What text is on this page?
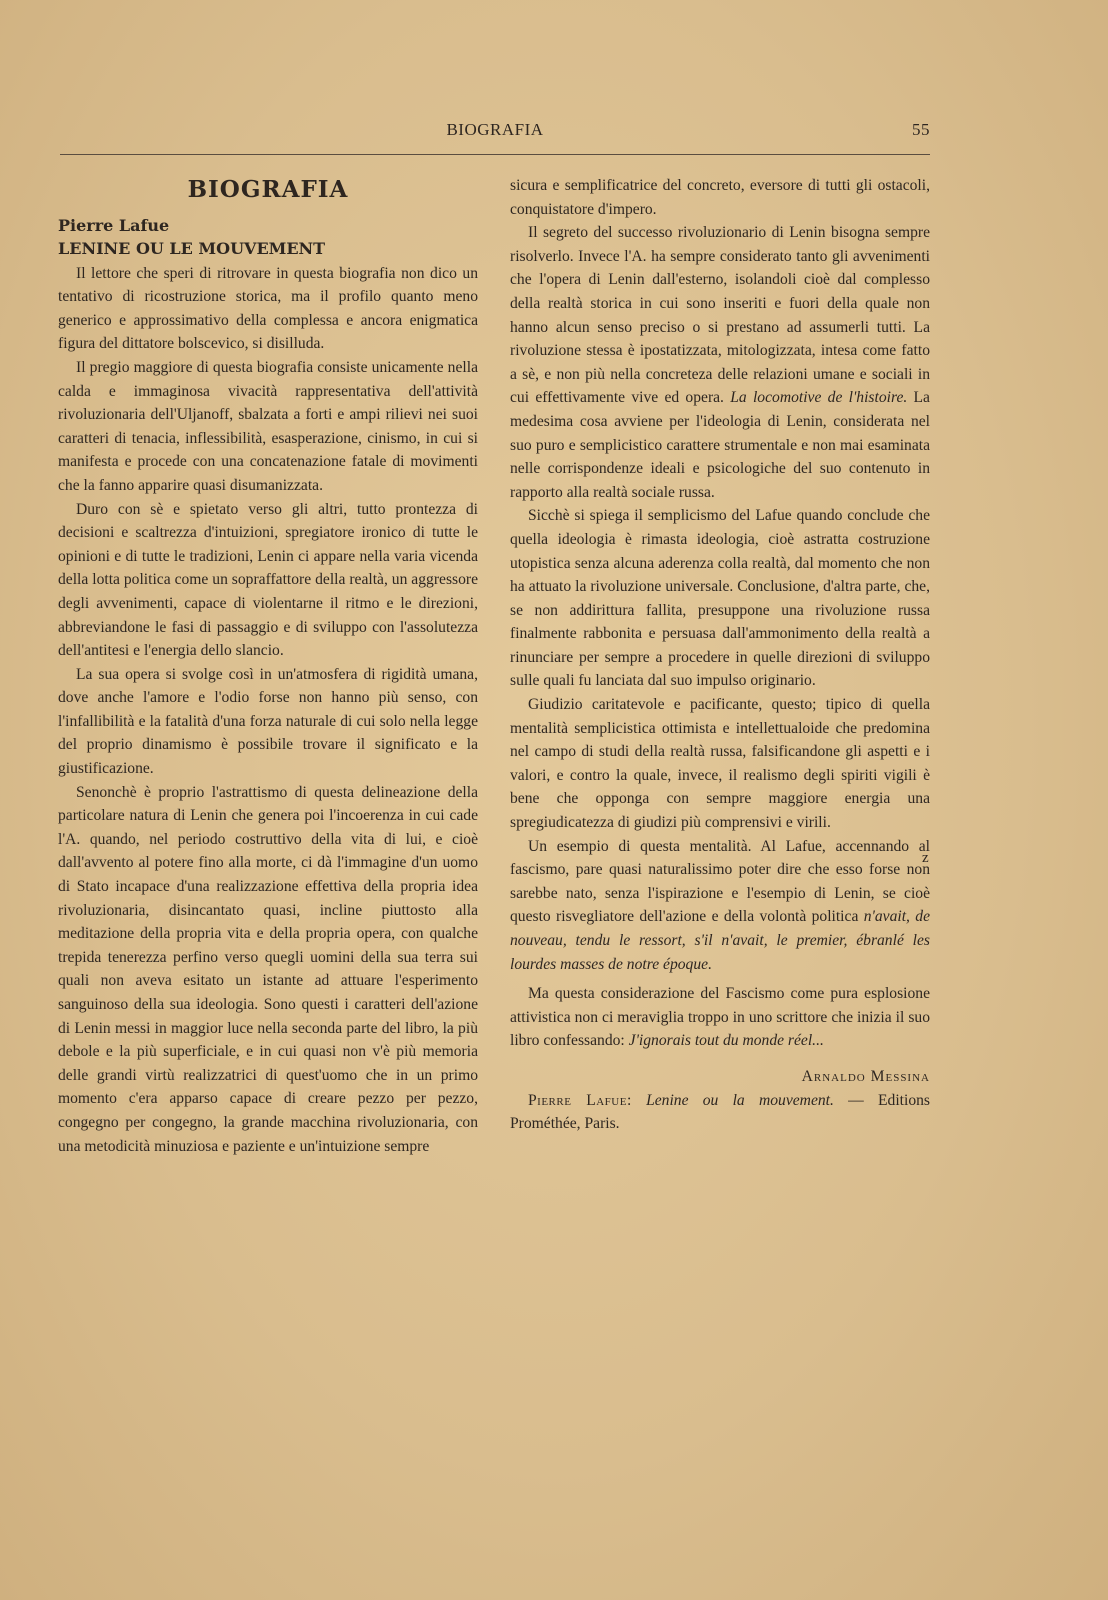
BIOGRAFIA	55
BIOGRAFIA
Pierre Lafue
LENINE OU LE MOUVEMENT

Il lettore che speri di ritrovare in questa biografia non dico un tentativo di ricostruzione storica, ma il profilo quanto meno generico e approssimativo della complessa e ancora enigmatica figura del dittatore bolscevico, si disilluda.

Il pregio maggiore di questa biografia consiste unicamente nella calda e immaginosa vivacità rappresentativa dell'attività rivoluzionaria dell'Uljanoff, sbalzata a forti e ampi rilievi nei suoi caratteri di tenacia, inflessibilità, esasperazione, cinismo, in cui si manifesta e procede con una concatenazione fatale di movimenti che la fanno apparire quasi disumanizzata.

Duro con sè e spietato verso gli altri, tutto prontezza di decisioni e scaltrezza d'intuizioni, spregiatore ironico di tutte le opinioni e di tutte le tradizioni, Lenin ci appare nella varia vicenda della lotta politica come un sopraffattore della realtà, un aggressore degli avvenimenti, capace di violentarne il ritmo e le direzioni, abbreviandone le fasi di passaggio e di sviluppo con l'assolutezza dell'antitesi e l'energia dello slancio.

La sua opera si svolge così in un'atmosfera di rigidità umana, dove anche l'amore e l'odio forse non hanno più senso, con l'infallibilità e la fatalità d'una forza naturale di cui solo nella legge del proprio dinamismo è possibile trovare il significato e la giustificazione.

Senonchè è proprio l'astrattismo di questa delineazione della particolare natura di Lenin che genera poi l'incoerenza in cui cade l'A. quando, nel periodo costruttivo della vita di lui, e cioè dall'avvento al potere fino alla morte, ci dà l'immagine d'un uomo di Stato incapace d'una realizzazione effettiva della propria idea rivoluzionaria, disincantato quasi, incline piuttosto alla meditazione della propria vita e della propria opera, con qualche trepida tenerezza perfino verso quegli uomini della sua terra sui quali non aveva esitato un istante ad attuare l'esperimento sanguinoso della sua ideologia. Sono questi i caratteri dell'azione di Lenin messi in maggior luce nella seconda parte del libro, la più debole e la più superficiale, e in cui quasi non v'è più memoria delle grandi virtù realizzatrici di quest'uomo che in un primo momento c'era apparso capace di creare pezzo per pezzo, congegno per congegno, la grande macchina rivoluzionaria, con una metodicità minuziosa e paziente e un'intuizione sempre

sicura e semplificatrice del concreto, eversore di tutti gli ostacoli, conquistatore d'impero.

Il segreto del successo rivoluzionario di Lenin bisogna sempre risolverlo. Invece l'A. ha sempre considerato tanto gli avvenimenti che l'opera di Lenin dall'esterno, isolandoli cioè dal complesso della realtà storica in cui sono inseriti e fuori della quale non hanno alcun senso preciso o si prestano ad assumerli tutti. La rivoluzione stessa è ipostatizzata, mitologizzata, intesa come fatto a sè, e non più nella concreteza delle relazioni umane e sociali in cui effettivamente vive ed opera. La locomotive de l'histoire. La medesima cosa avviene per l'ideologia di Lenin, considerata nel suo puro e semplicistico carattere strumentale e non mai esaminata nelle corrispondenze ideali e psicologiche del suo contenuto in rapporto alla realtà sociale russa.

Sicchè si spiega il semplicismo del Lafue quando conclude che quella ideologia è rimasta ideologia, cioè astratta costruzione utopistica senza alcuna aderenza colla realtà, dal momento che non ha attuato la rivoluzione universale. Conclusione, d'altra parte, che, se non addirittura fallita, presuppone una rivoluzione russa finalmente rabbonita e persuasa dall'ammonimento della realtà a rinunciare per sempre a procedere in quelle direzioni di sviluppo sulle quali fu lanciata dal suo impulso originario.

Giudizio caritatevole e pacificante, questo; tipico di quella mentalità semplicistica ottimista e intellettualoide che predomina nel campo di studi della realtà russa, falsificandone gli aspetti e i valori, e contro la quale, invece, il realismo degli spiriti vigili è bene che opponga con sempre maggiore energia una spregiudicatezza di giudizi più comprensivi e virili.

Un esempio di questa mentalità. Al Lafue, accennando al fascismo, pare quasi naturalissimo poter dire che esso forse non sarebbe nato, senza l'ispirazione e l'esempio di Lenin, se cioè questo risvegliatore dell'azione e della volontà politica n'avait, de nouveau, tendu le ressort, s'il n'avait, le premier, ébranlé les lourdes masses de notre époque.

Ma questa considerazione del Fascismo come pura esplosione attivistica non ci meraviglia troppo in uno scrittore che inizia il suo libro confessando: J'ignorais tout du monde réel...

Arnaldo Messina

Pierre Lafue: Lenine ou la mouvement. — Editions Prométhée, Paris.

z
